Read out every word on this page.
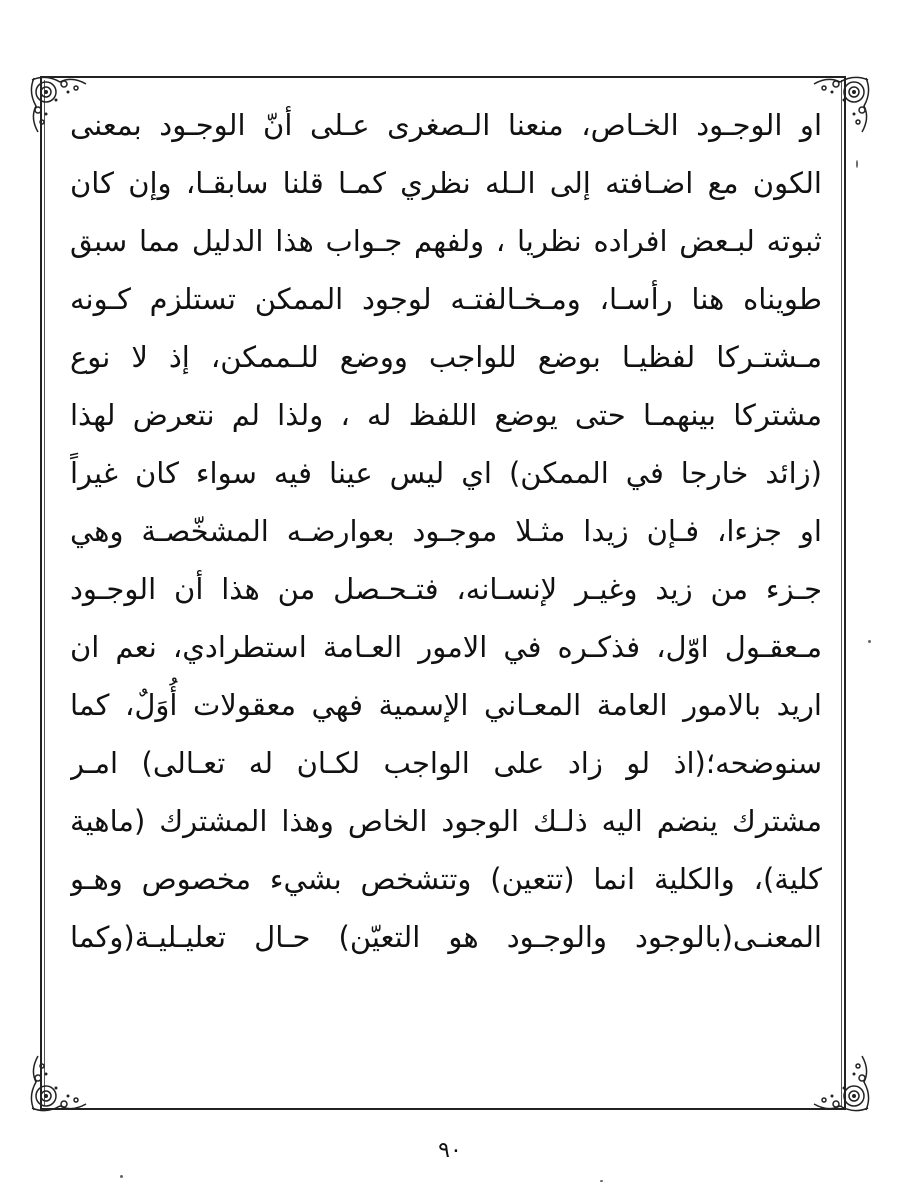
او الوجـود الخـاص، منعنا الـصغرى عـلى أنّ الوجـود بمعنى
الكون مع اضـافته إلى الـله نظري كمـا قلنا سابقـا، وإن كان
ثبوته لبـعض افراده نظريا ، ولفهم جـواب هذا الدليل مما سبق
طويناه هنا رأسـا، ومـخـالفتـه لوجود الممكن تستلزم كـونه
مـشتـركا لفظيـا بوضع للواجب ووضع للـممكن، إذ لا نوع
مشتركا بينهمـا حتى يوضع اللفظ له ، ولذا لم نتعرض لهذا
(زائد خارجا في الممكن) اي ليس عينا فيه سواء كان غيراً
او جزءا، فـإن زيدا مثـلا موجـود بعوارضـه المشخّصـة وهي
جـزء من زيد وغيـر لإنسـانه، فتـحـصل من هذا أن الوجـود
مـعقـول اوّل، فذكـره في الامور العـامة استطرادي، نعم ان
اريد بالامور العامة المعـاني الإسمية فهي معقولات أُوَلٌ، كما
سنوضحه؛(اذ لو زاد على الواجب لكـان له تعـالى) امـر
مشترك ينضم اليه ذلـك الوجود الخاص وهذا المشترك (ماهية
كلية)، والكلية انما (تتعين) وتتشخص بشيء مخصوص وهـو
المعنـى(بالوجود والوجـود هو التعيّن) حـال تعليـليـة(وكما
٩٠
